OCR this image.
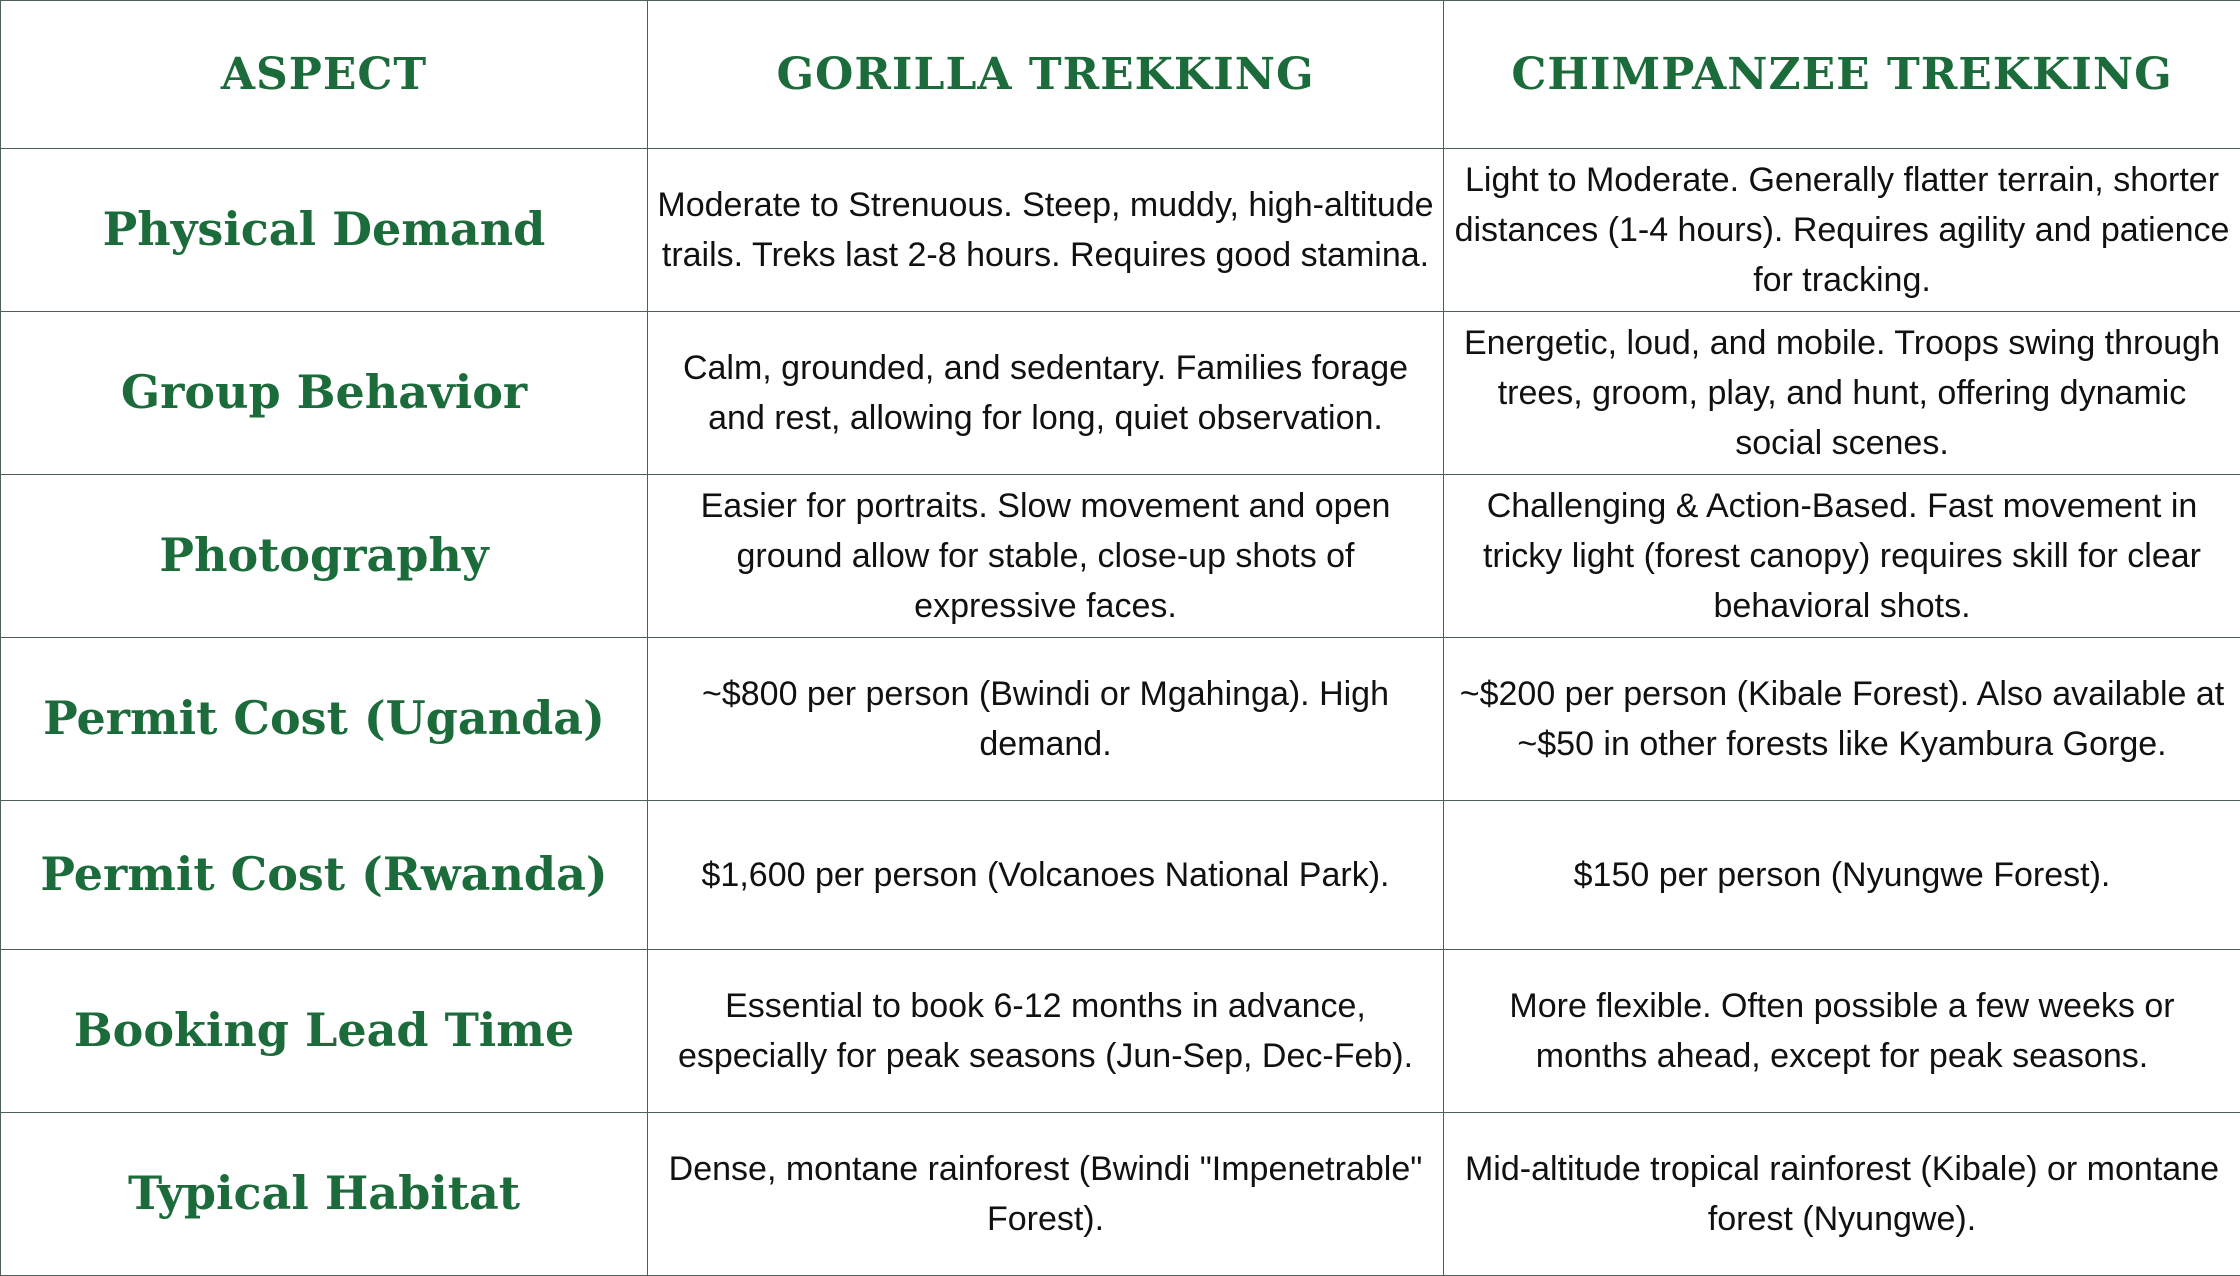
ASPECT	GORILLA TREKKING	CHIMPANZEE TREKKING
Physical Demand	Moderate to Strenuous. Steep, muddy, high-altitude trails. Treks last 2-8 hours. Requires good stamina.	Light to Moderate. Generally flatter terrain, shorter distances (1-4 hours). Requires agility and patience for tracking.
Group Behavior	Calm, grounded, and sedentary. Families forage and rest, allowing for long, quiet observation.	Energetic, loud, and mobile. Troops swing through trees, groom, play, and hunt, offering dynamic social scenes.
Photography	Easier for portraits. Slow movement and open ground allow for stable, close-up shots of expressive faces.	Challenging & Action-Based. Fast movement in tricky light (forest canopy) requires skill for clear behavioral shots.
Permit Cost (Uganda)	~$800 per person (Bwindi or Mgahinga). High demand.	~$200 per person (Kibale Forest). Also available at ~$50 in other forests like Kyambura Gorge.
Permit Cost (Rwanda)	$1,600 per person (Volcanoes National Park).	$150 per person (Nyungwe Forest).
Booking Lead Time	Essential to book 6-12 months in advance, especially for peak seasons (Jun-Sep, Dec-Feb).	More flexible. Often possible a few weeks or months ahead, except for peak seasons.
Typical Habitat	Dense, montane rainforest (Bwindi "Impenetrable" Forest).	Mid-altitude tropical rainforest (Kibale) or montane forest (Nyungwe).
